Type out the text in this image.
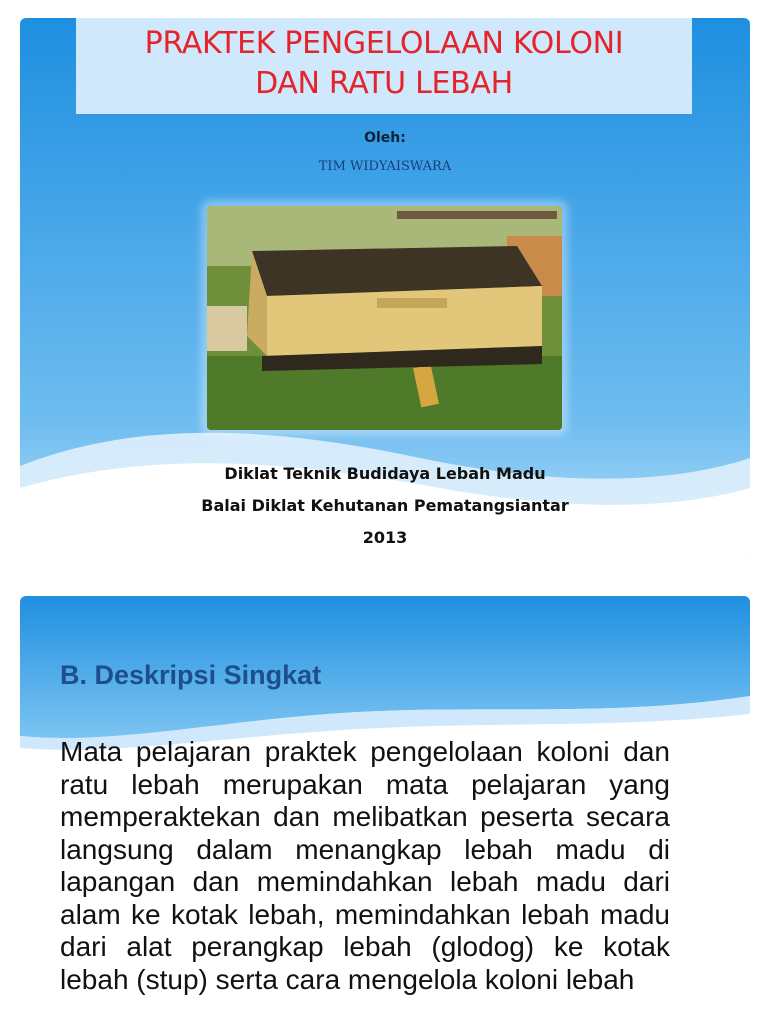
PRAKTEK PENGELOLAAN KOLONI
DAN RATU LEBAH
Oleh:
TIM WIDYAISWARA
Diklat Teknik Budidaya Lebah Madu
Balai Diklat Kehutanan Pematangsiantar
2013
B. Deskripsi Singkat
Mata pelajaran praktek pengelolaan koloni dan ratu lebah merupakan mata pelajaran yang memperaktekan dan melibatkan peserta secara langsung dalam menangkap lebah madu di lapangan dan memindahkan lebah madu dari alam ke kotak lebah, memindahkan lebah madu dari alat perangkap lebah (glodog) ke kotak lebah (stup) serta cara mengelola koloni lebah
